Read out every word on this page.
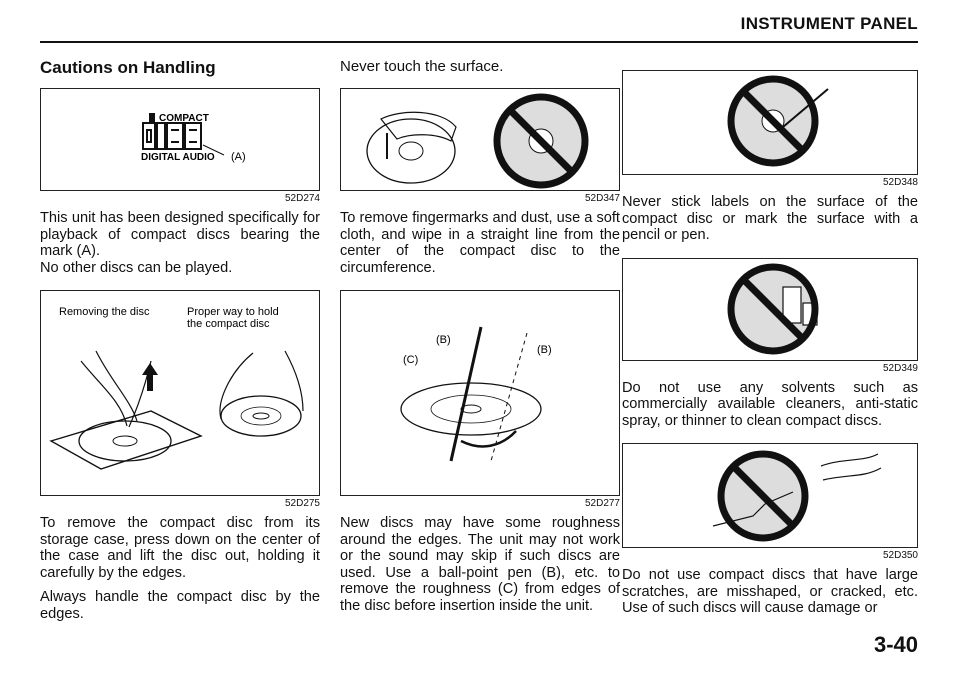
INSTRUMENT PANEL
Cautions on Handling
COMPACT
DIGITAL AUDIO (A)
52D274

This unit has been designed specifically for playback of compact discs bearing the mark (A).

No other discs can be played.

Removing the disc	Proper way to hold
the compact disc
52D275

To remove the compact disc from its storage case, press down on the center of the case and lift the disc out, holding it carefully by the edges.

Always handle the compact disc by the edges.

Never touch the surface.
52D347

To remove fingermarks and dust, use a soft cloth, and wipe in a straight line from the center of the compact disc to the circumference.

(B)
(C)
(B)
52D277

New discs may have some roughness around the edges. The unit may not work or the sound may skip if such discs are used. Use a ball-point pen (B), etc. to remove the roughness (C) from edges of the disc before insertion inside the unit.

52D348

Never stick labels on the surface of the compact disc or mark the surface with a pencil or pen.

52D349

Do not use any solvents such as commercially available cleaners, anti-static spray, or thinner to clean compact discs.

52D350

Do not use compact discs that have large scratches, are misshaped, or cracked, etc. Use of such discs will cause damage or

3-40
